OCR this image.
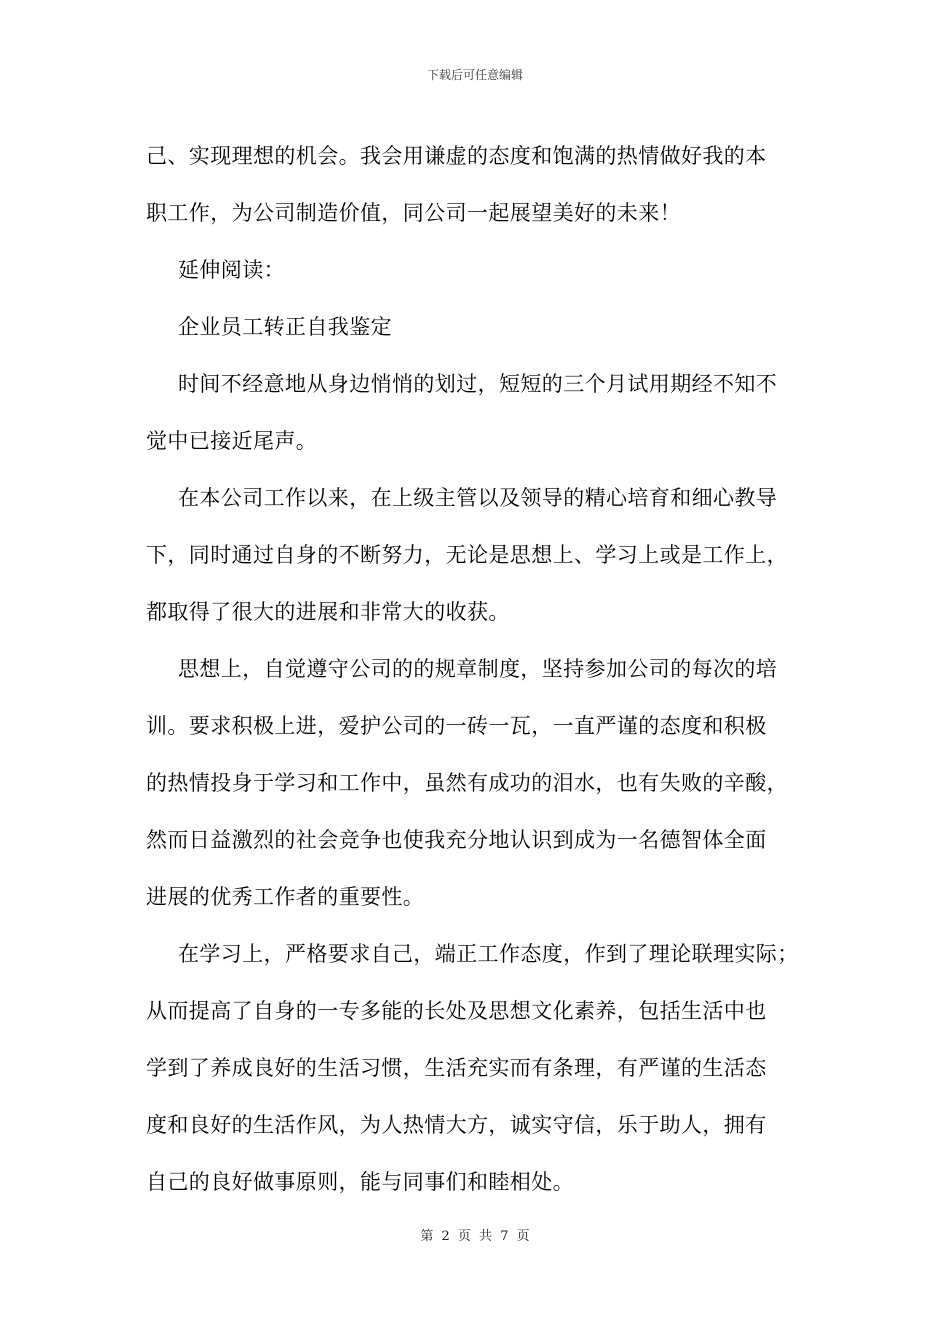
下载后可任意编辑

己、实现理想的机会。我会用谦虚的态度和饱满的热情做好我的本
职工作，为公司制造价值，同公司一起展望美好的未来！

延伸阅读：

企业员工转正自我鉴定

时间不经意地从身边悄悄的划过，短短的三个月试用期经不知不
觉中已接近尾声。

在本公司工作以来，在上级主管以及领导的精心培育和细心教导
下，同时通过自身的不断努力，无论是思想上、学习上或是工作上，
都取得了很大的进展和非常大的收获。

思想上，自觉遵守公司的的规章制度，坚持参加公司的每次的培
训。要求积极上进，爱护公司的一砖一瓦，一直严谨的态度和积极
的热情投身于学习和工作中，虽然有成功的泪水，也有失败的辛酸，
然而日益激烈的社会竞争也使我充分地认识到成为一名德智体全面
进展的优秀工作者的重要性。

在学习上，严格要求自己，端正工作态度，作到了理论联理实际；
从而提高了自身的一专多能的长处及思想文化素养，包括生活中也
学到了养成良好的生活习惯，生活充实而有条理，有严谨的生活态
度和良好的生活作风，为人热情大方，诚实守信，乐于助人，拥有
自己的良好做事原则，能与同事们和睦相处。

第 2 页 共 7 页
